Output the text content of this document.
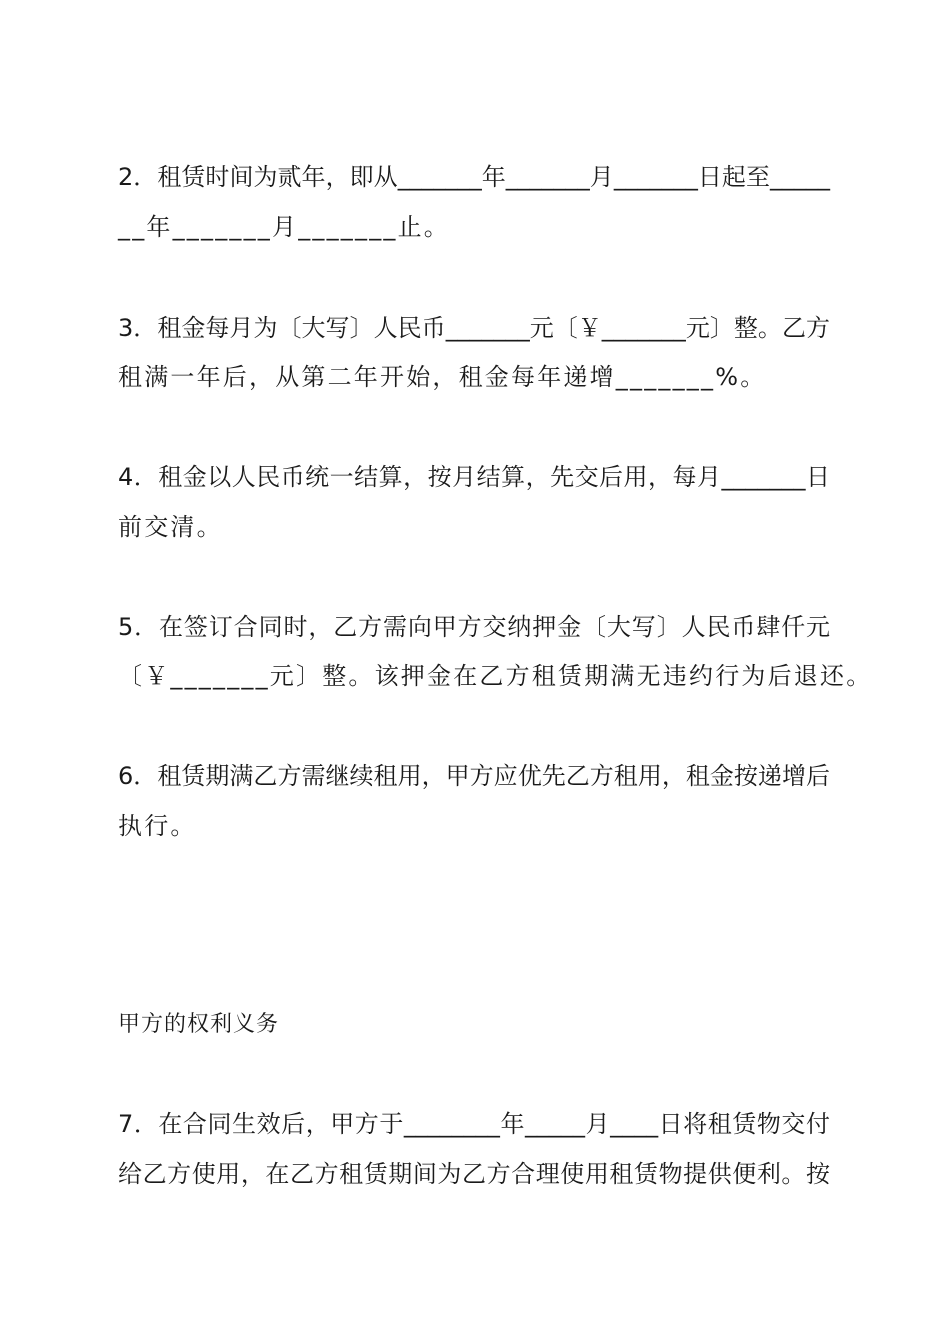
2．租赁时间为贰年，即从_______年_______月_______日起至_____
__年_______月_______止。
3．租金每月为〔大写〕人民币_______元〔￥_______元〕整。乙方
租满一年后，从第二年开始，租金每年递增_______%。
4．租金以人民币统一结算，按月结算，先交后用，每月_______日
前交清。
5．在签订合同时，乙方需向甲方交纳押金〔大写〕人民币肆仟元
〔￥_______元〕整。该押金在乙方租赁期满无违约行为后退还。
6．租赁期满乙方需继续租用，甲方应优先乙方租用，租金按递增后
执行。
甲方的权利义务
7．在合同生效后，甲方于________年_____月____日将租赁物交付
给乙方使用，在乙方租赁期间为乙方合理使用租赁物提供便利。按
